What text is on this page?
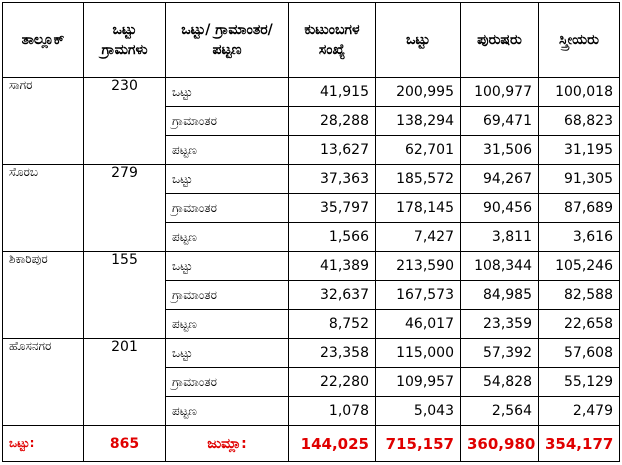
ತಾಲ್ಲೂಕ್	ಒಟ್ಟು ಗ್ರಾಮಗಳು	ಒಟ್ಟು/ ಗ್ರಾಮಾಂತರ/ ಪಟ್ಟಣ	ಕುಟುಂಬಗಳ ಸಂಖ್ಯೆ	ಒಟ್ಟು	ಪುರುಷರು	ಸ್ತ್ರೀಯರು
ಸಾಗರ	230	ಒಟ್ಟು	41,915	200,995	100,977	100,018
		ಗ್ರಾಮಾಂತರ	28,288	138,294	69,471	68,823
		ಪಟ್ಟಣ	13,627	62,701	31,506	31,195
ಸೊರಬ	279	ಒಟ್ಟು	37,363	185,572	94,267	91,305
		ಗ್ರಾಮಾಂತರ	35,797	178,145	90,456	87,689
		ಪಟ್ಟಣ	1,566	7,427	3,811	3,616
ಶಿಕಾರಿಪುರ	155	ಒಟ್ಟು	41,389	213,590	108,344	105,246
		ಗ್ರಾಮಾಂತರ	32,637	167,573	84,985	82,588
		ಪಟ್ಟಣ	8,752	46,017	23,359	22,658
ಹೊಸನಗರ	201	ಒಟ್ಟು	23,358	115,000	57,392	57,608
		ಗ್ರಾಮಾಂತರ	22,280	109,957	54,828	55,129
		ಪಟ್ಟಣ	1,078	5,043	2,564	2,479
ಒಟ್ಟು:	865	ಜುಮ್ಲಾ:	144,025	715,157	360,980	354,177
